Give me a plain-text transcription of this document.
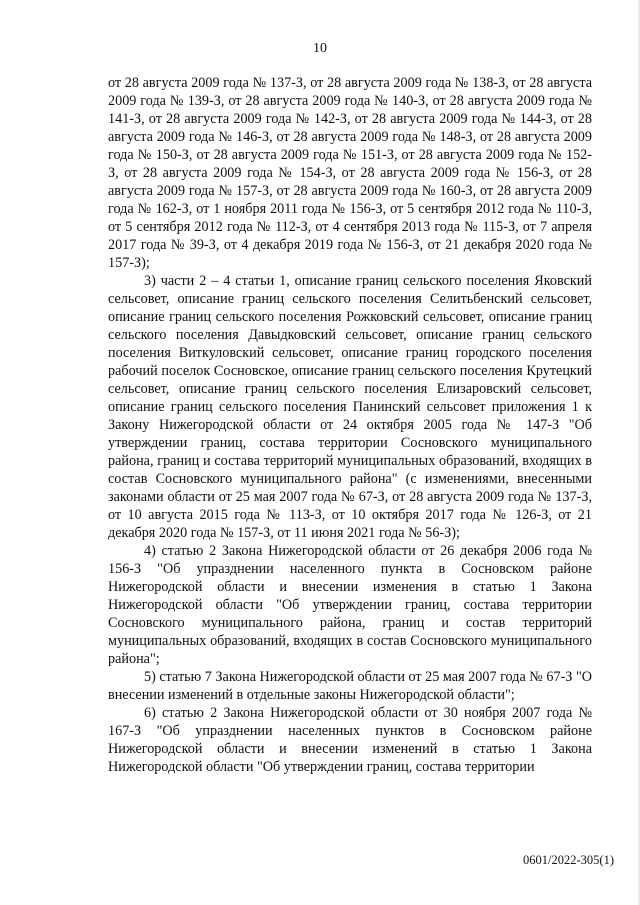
10

от 28 августа 2009 года № 137-З, от 28 августа 2009 года № 138-З, от 28 августа 2009 года № 139-З, от 28 августа 2009 года № 140-З, от 28 августа 2009 года № 141-З, от 28 августа 2009 года № 142-З, от 28 августа 2009 года № 144-З, от 28 августа 2009 года № 146-З, от 28 августа 2009 года № 148-З, от 28 августа 2009 года № 150-З, от 28 августа 2009 года № 151-З, от 28 августа 2009 года № 152-З, от 28 августа 2009 года № 154-З, от 28 августа 2009 года № 156-З, от 28 августа 2009 года № 157-З, от 28 августа 2009 года № 160-З, от 28 августа 2009 года № 162-З, от 1 ноября 2011 года № 156-З, от 5 сентября 2012 года № 110-З, от 5 сентября 2012 года № 112-З, от 4 сентября 2013 года № 115-З, от 7 апреля 2017 года № 39-З, от 4 декабря 2019 года № 156-З, от 21 декабря 2020 года № 157-З);

3) части 2 – 4 статьи 1, описание границ сельского поселения Яковский сельсовет, описание границ сельского поселения Селитьбенский сельсовет, описание границ сельского поселения Рожковский сельсовет, описание границ сельского поселения Давыдковский сельсовет, описание границ сельского поселения Виткуловский сельсовет, описание границ городского поселения рабочий поселок Сосновское, описание границ сельского поселения Крутецкий сельсовет, описание границ сельского поселения Елизаровский сельсовет, описание границ сельского поселения Панинский сельсовет приложения 1 к Закону Нижегородской области от 24 октября 2005 года № 147-З "Об утверждении границ, состава территории Сосновского муниципального района, границ и состава территорий муниципальных образований, входящих в состав Сосновского муниципального района" (с изменениями, внесенными законами области от 25 мая 2007 года № 67-З, от 28 августа 2009 года № 137-З, от 10 августа 2015 года № 113-З, от 10 октября 2017 года № 126-З, от 21 декабря 2020 года № 157-З, от 11 июня 2021 года № 56-З);

4) статью 2 Закона Нижегородской области от 26 декабря 2006 года № 156-З "Об упразднении населенного пункта в Сосновском районе Нижегородской области и внесении изменения в статью 1 Закона Нижегородской области "Об утверждении границ, состава территории Сосновского муниципального района, границ и состав территорий муниципальных образований, входящих в состав Сосновского муниципального района";

5) статью 7 Закона Нижегородской области от 25 мая 2007 года № 67-З "О внесении изменений в отдельные законы Нижегородской области";

6) статью 2 Закона Нижегородской области от 30 ноября 2007 года № 167-З "Об упразднении населенных пунктов в Сосновском районе Нижегородской области и внесении изменений в статью 1 Закона Нижегородской области "Об утверждении границ, состава территории

0601/2022-305(1)
